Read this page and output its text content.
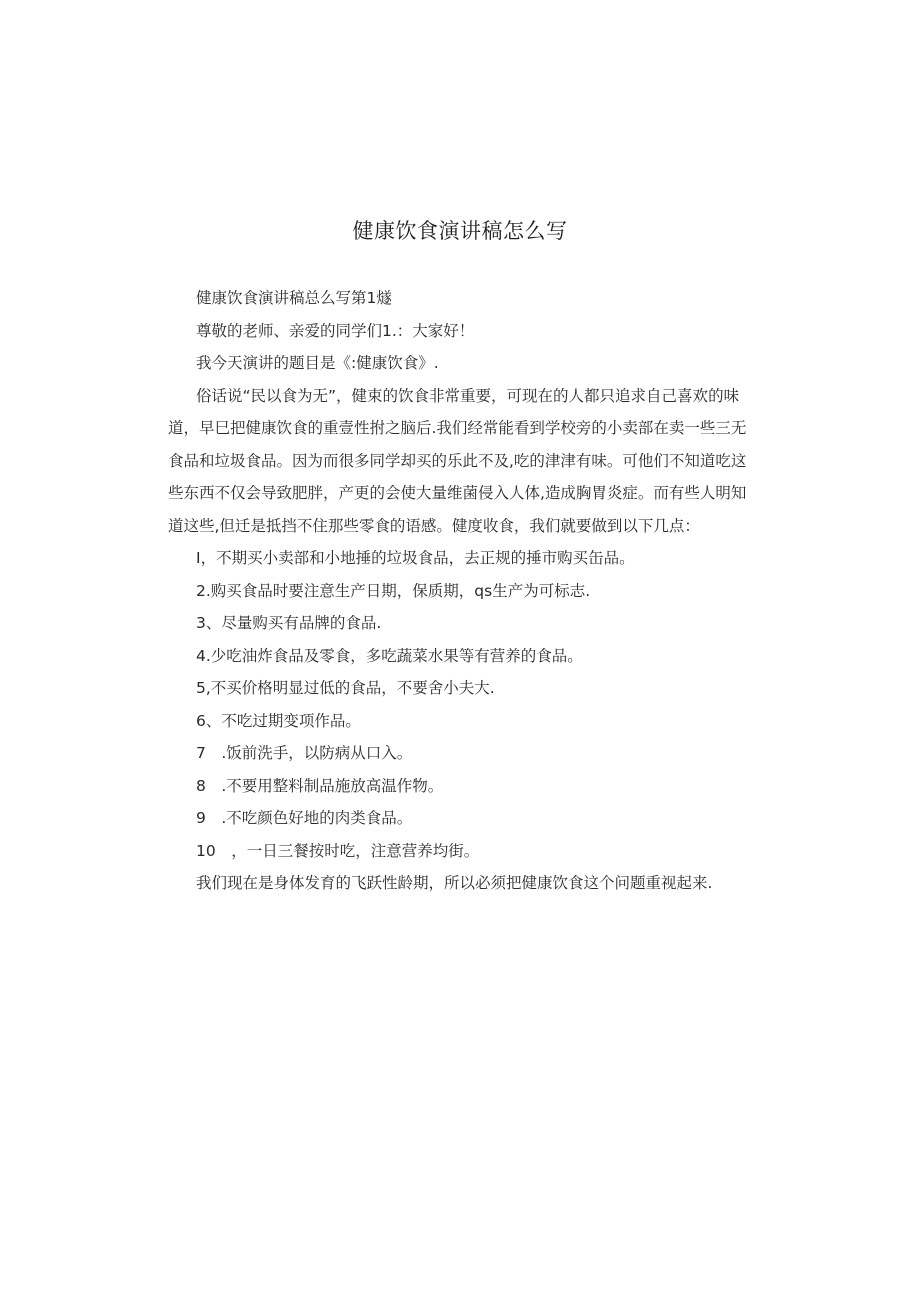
健康饮食演讲稿怎么写

健康饮食演讲稿总么写第1燧

尊敬的老师、亲爱的同学们1.：大家好！

我今天演讲的题目是《:健康饮食》.

俗话说“民以食为无”，健束的饮食非常重要，可现在的人都只追求自己喜欢的味道，早巳把健康饮食的重壹性拊之脑后.我们经常能看到学校旁的小卖部在卖一些三无食品和垃圾食品。因为而很多同学却买的乐此不及,吃的津津有味。可他们不知道吃这些东西不仅会导致肥胖，产更的会使大量维菌侵入人体,造成胸胃炎症。而有些人明知道这些,但迁是抵挡不住那些零食的语感。健度收食，我们就要做到以下几点：

I，不期买小卖部和小地捶的垃圾食品，去正规的捶市购买缶品。

2.购买食品时要注意生产日期，保质期，qs生产为可标志.

3、尽量购买有品牌的食品.

4.少吃油炸食品及零食，多吃蔬菜水果等有营养的食品。

5,不买价格明显过低的食品，不要舍小夫大.

6、不吃过期变项作品。

7　.饭前洗手，以防病从口入。

8　.不要用整料制品施放高温作物。

9　.不吃颜色好地的肉类食品。

10　，一日三餐按时吃，注意营养均街。

我们现在是身体发育的飞跃性龄期，所以必须把健康饮食这个问题重视起来.
